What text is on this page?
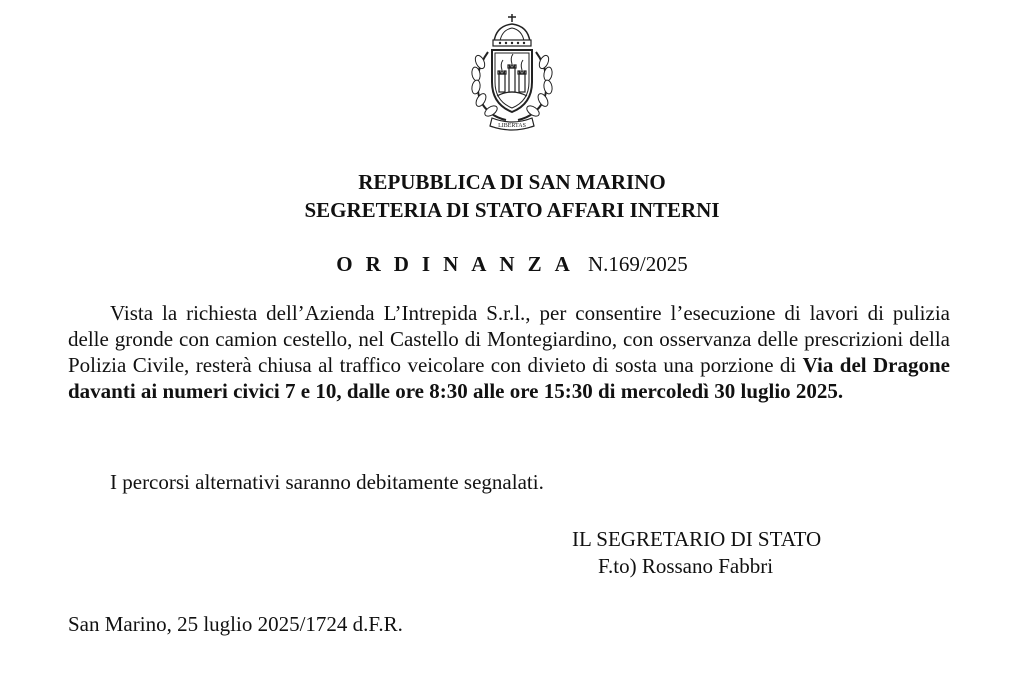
LIBERTAS
REPUBBLICA DI SAN MARINO
SEGRETERIA DI STATO AFFARI INTERNI
ORDINANZA N.169/2025

Vista la richiesta dell’Azienda L’Intrepida S.r.l., per consentire l’esecuzione di lavori di pulizia delle gronde con camion cestello, nel Castello di Montegiardino, con osservanza delle prescrizioni della Polizia Civile, resterà chiusa al traffico veicolare con divieto di sosta una porzione di Via del Dragone davanti ai numeri civici 7 e 10, dalle ore 8:30 alle ore 15:30 di mercoledì 30 luglio 2025.

I percorsi alternativi saranno debitamente segnalati.

IL SEGRETARIO DI STATO
F.to) Rossano Fabbri
San Marino, 25 luglio 2025/1724 d.F.R.
